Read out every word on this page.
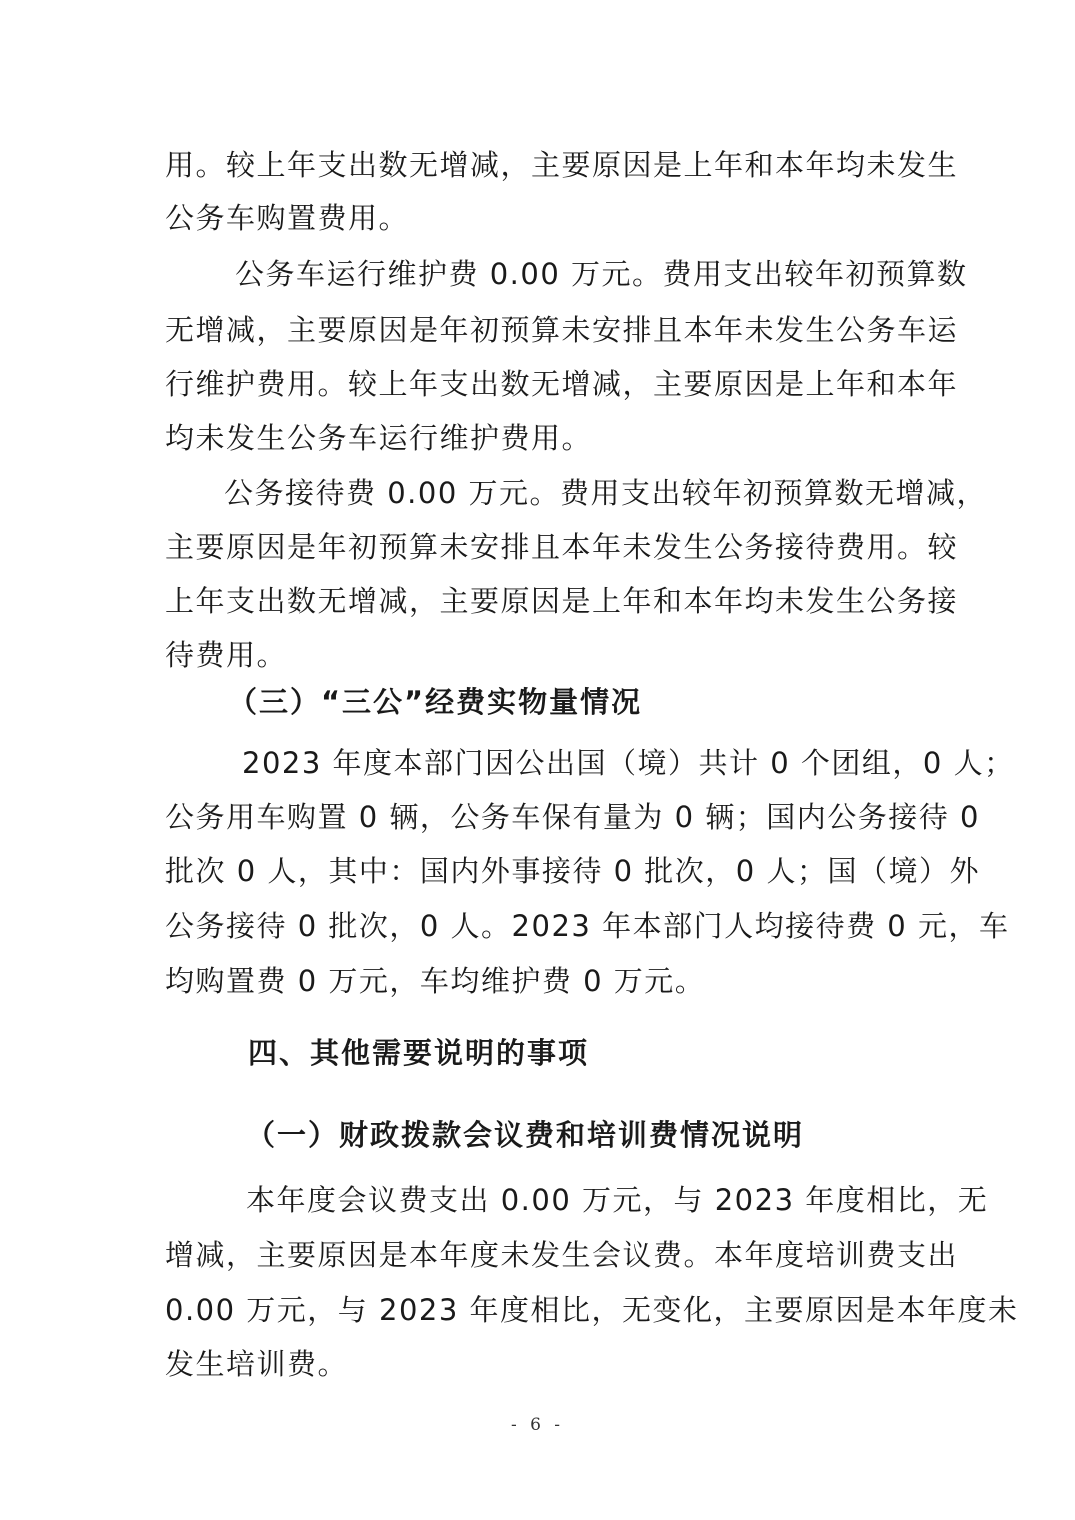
用。较上年支出数无增减，主要原因是上年和本年均未发生
公务车购置费用。
公务车运行维护费 0.00 万元。费用支出较年初预算数
无增减，主要原因是年初预算未安排且本年未发生公务车运
行维护费用。较上年支出数无增减，主要原因是上年和本年
均未发生公务车运行维护费用。
公务接待费 0.00 万元。费用支出较年初预算数无增减，
主要原因是年初预算未安排且本年未发生公务接待费用。较
上年支出数无增减，主要原因是上年和本年均未发生公务接
待费用。
（三）“三公”经费实物量情况
2023 年度本部门因公出国（境）共计 0 个团组，0 人；
公务用车购置 0 辆，公务车保有量为 0 辆；国内公务接待 0
批次 0 人，其中：国内外事接待 0 批次，0 人；国（境）外
公务接待 0 批次，0 人。2023 年本部门人均接待费 0 元，车
均购置费 0 万元，车均维护费 0 万元。
四、其他需要说明的事项
（一）财政拨款会议费和培训费情况说明
本年度会议费支出 0.00 万元，与 2023 年度相比，无
增减，主要原因是本年度未发生会议费。本年度培训费支出
0.00 万元，与 2023 年度相比，无变化，主要原因是本年度未
发生培训费。
- 6 -
